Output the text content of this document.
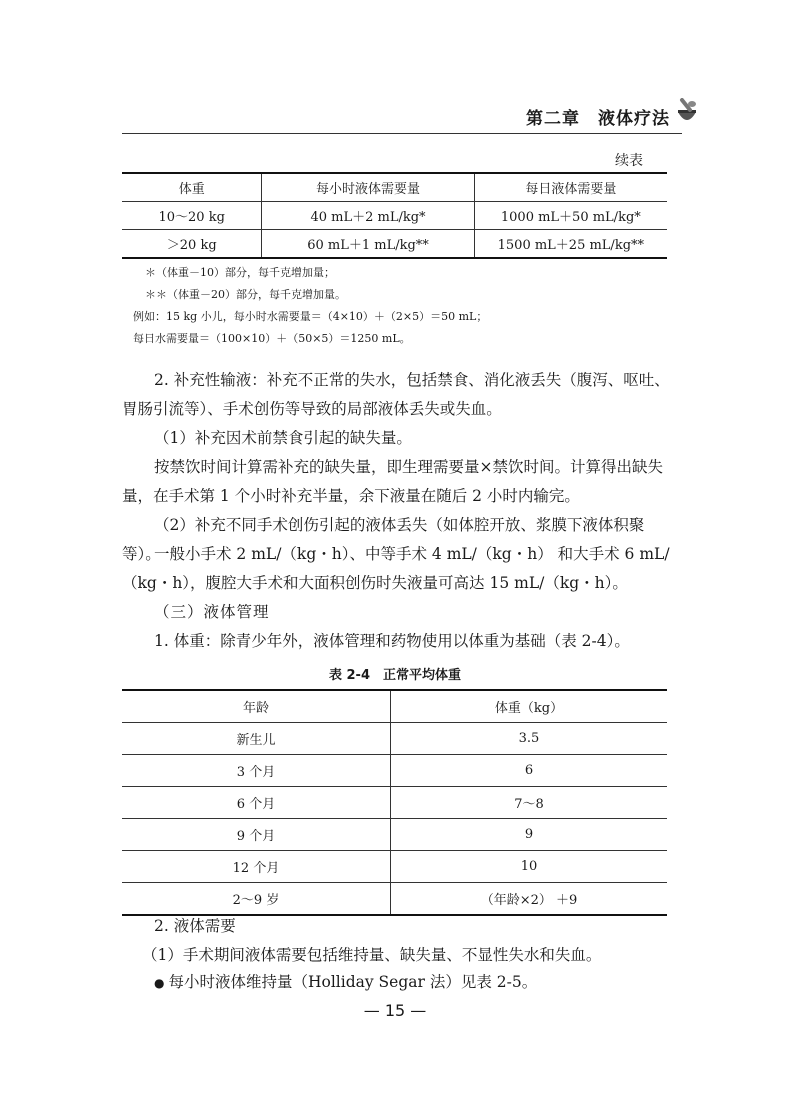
第二章　液体疗法
续表
体重	每小时液体需要量	每日液体需要量
10～20 kg	40 mL＋2 mL/kg*	1000 mL＋50 mL/kg*
＞20 kg	60 mL＋1 mL/kg**	1500 mL＋25 mL/kg**
＊（体重－10）部分，每千克增加量；
＊＊（体重－20）部分，每千克增加量。
例如：15 kg 小儿，每小时水需要量＝（4×10）＋（2×5）＝50 mL；
每日水需要量＝（100×10）＋（50×5）＝1250 mL。
2. 补充性输液：补充不正常的失水，包括禁食、消化液丢失（腹泻、呕吐、胃肠引流等）、手术创伤等导致的局部液体丢失或失血。
（1）补充因术前禁食引起的缺失量。
按禁饮时间计算需补充的缺失量，即生理需要量×禁饮时间。计算得出缺失量，在手术第 1 个小时补充半量，余下液量在随后 2 小时内输完。
（2）补充不同手术创伤引起的液体丢失（如体腔开放、浆膜下液体积聚等）。
一般小手术 2 mL/（kg・h）、中等手术 4 mL/（kg・h） 和大手术 6 mL/（kg・h），腹腔大手术和大面积创伤时失液量可高达 15 mL/（kg・h）。
（三）液体管理
1. 体重：除青少年外，液体管理和药物使用以体重为基础（表 2-4）。
表 2-4　正常平均体重
年龄	体重（kg）
新生儿	3.5
3 个月	6
6 个月	7～8
9 个月	9
12 个月	10
2～9 岁	（年龄×2） ＋9
2. 液体需要
（1）手术期间液体需要包括维持量、缺失量、不显性失水和失血。
● 每小时液体维持量（Holliday Segar 法）见表 2-5。
— 15 —
